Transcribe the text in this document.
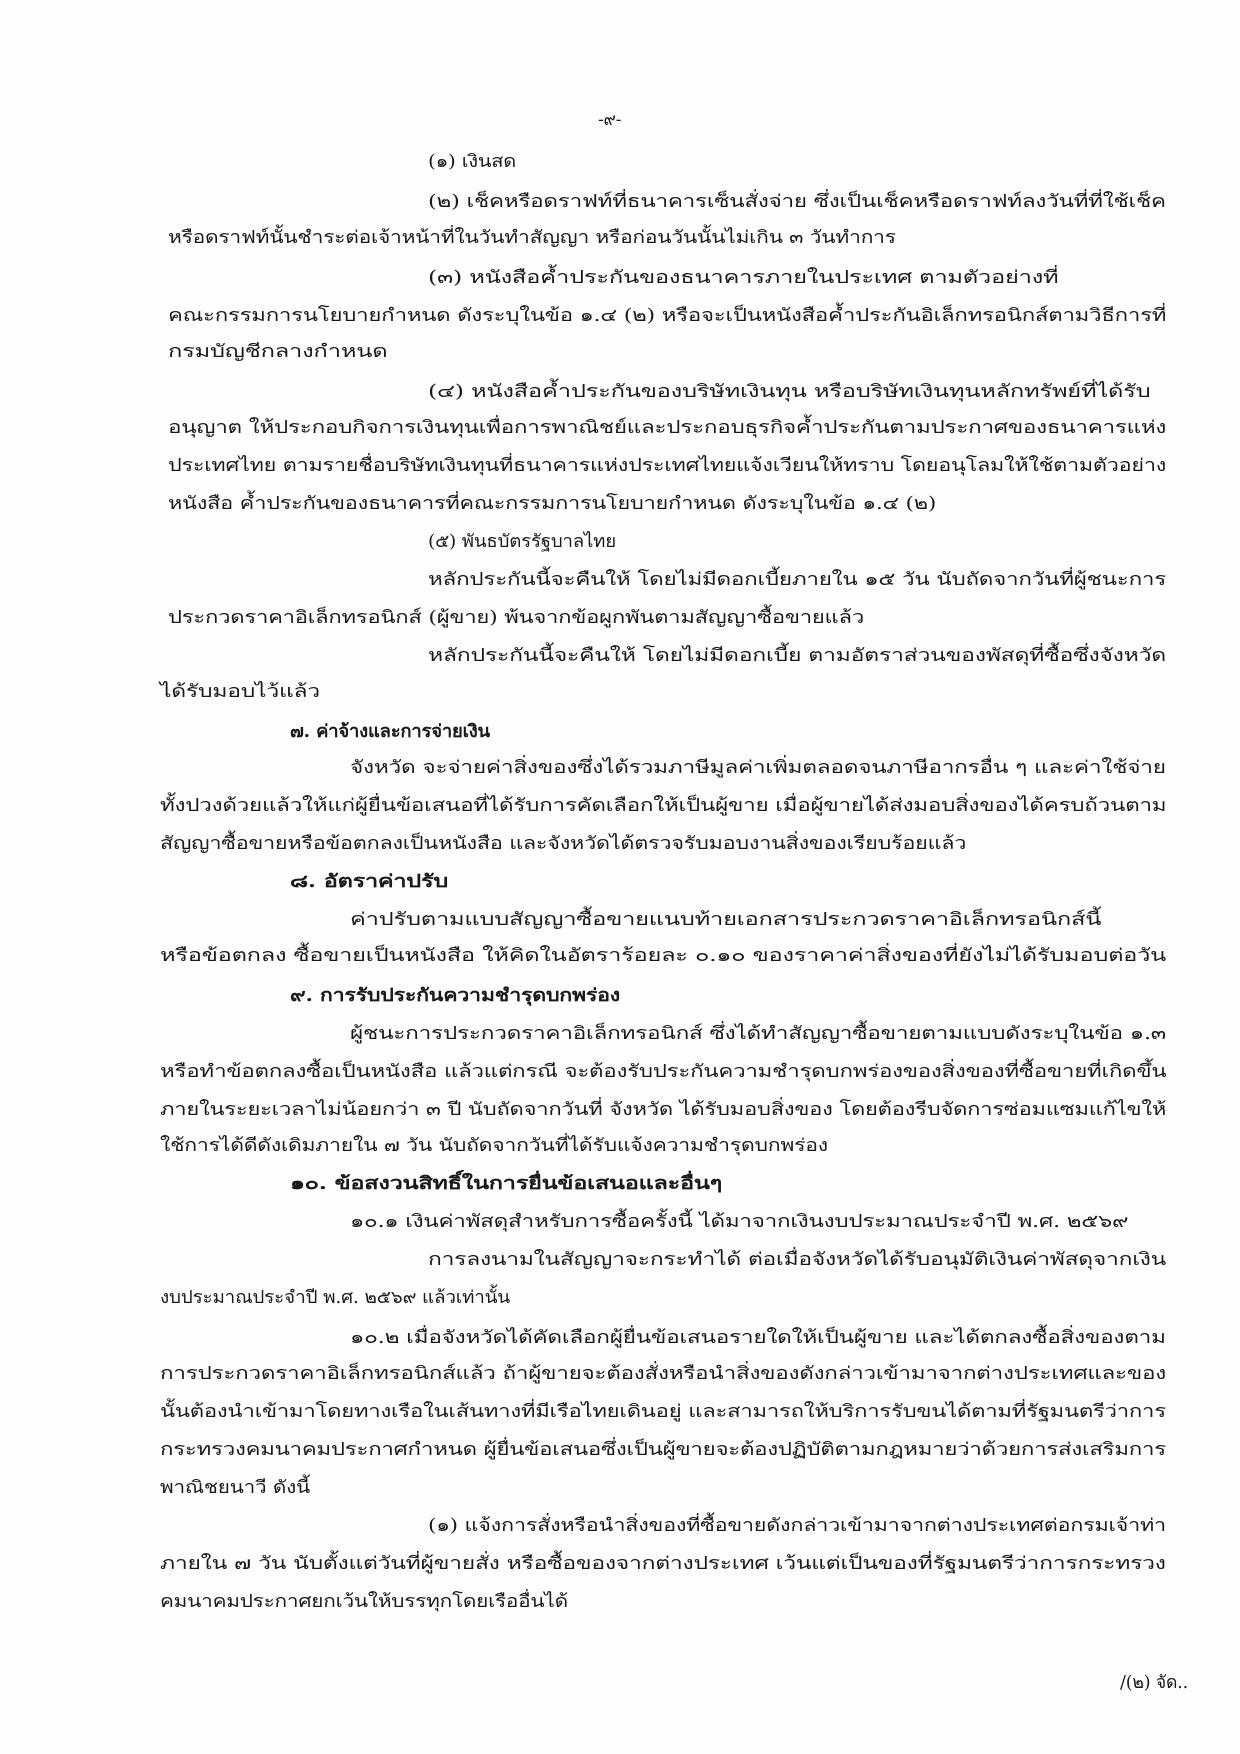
-๙-
(๑) เงินสด
(๒) เช็คหรือดราฟท์ที่ธนาคารเซ็นสั่งจ่าย ซึ่งเป็นเช็คหรือดราฟท์ลงวันที่ที่ใช้เช็ค
หรือดราฟท์นั้นชำระต่อเจ้าหน้าที่ในวันทำสัญญา หรือก่อนวันนั้นไม่เกิน ๓ วันทำการ
(๓) หนังสือค้ำประกันของธนาคารภายในประเทศ ตามตัวอย่างที่
คณะกรรมการนโยบายกำหนด ดังระบุในข้อ ๑.๔ (๒) หรือจะเป็นหนังสือค้ำประกันอิเล็กทรอนิกส์ตามวิธีการที่
กรมบัญชีกลางกำหนด
(๔) หนังสือค้ำประกันของบริษัทเงินทุน หรือบริษัทเงินทุนหลักทรัพย์ที่ได้รับ
อนุญาต ให้ประกอบกิจการเงินทุนเพื่อการพาณิชย์และประกอบธุรกิจค้ำประกันตามประกาศของธนาคารแห่ง
ประเทศไทย ตามรายชื่อบริษัทเงินทุนที่ธนาคารแห่งประเทศไทยแจ้งเวียนให้ทราบ โดยอนุโลมให้ใช้ตามตัวอย่าง
หนังสือ ค้ำประกันของธนาคารที่คณะกรรมการนโยบายกำหนด ดังระบุในข้อ ๑.๔ (๒)
(๕) พันธบัตรรัฐบาลไทย
หลักประกันนี้จะคืนให้ โดยไม่มีดอกเบี้ยภายใน ๑๕ วัน นับถัดจากวันที่ผู้ชนะการ
ประกวดราคาอิเล็กทรอนิกส์ (ผู้ขาย) พ้นจากข้อผูกพันตามสัญญาซื้อขายแล้ว
หลักประกันนี้จะคืนให้ โดยไม่มีดอกเบี้ย ตามอัตราส่วนของพัสดุที่ซื้อซึ่งจังหวัด
ได้รับมอบไว้แล้ว
๗. ค่าจ้างและการจ่ายเงิน
จังหวัด จะจ่ายค่าสิ่งของซึ่งได้รวมภาษีมูลค่าเพิ่มตลอดจนภาษีอากรอื่น ๆ และค่าใช้จ่าย
ทั้งปวงด้วยแล้วให้แก่ผู้ยื่นข้อเสนอที่ได้รับการคัดเลือกให้เป็นผู้ขาย เมื่อผู้ขายได้ส่งมอบสิ่งของได้ครบถ้วนตาม
สัญญาซื้อขายหรือข้อตกลงเป็นหนังสือ และจังหวัดได้ตรวจรับมอบงานสิ่งของเรียบร้อยแล้ว
๘. อัตราค่าปรับ
ค่าปรับตามแบบสัญญาซื้อขายแนบท้ายเอกสารประกวดราคาอิเล็กทรอนิกส์นี้
หรือข้อตกลง ซื้อขายเป็นหนังสือ ให้คิดในอัตราร้อยละ ๐.๑๐ ของราคาค่าสิ่งของที่ยังไม่ได้รับมอบต่อวัน
๙. การรับประกันความชำรุดบกพร่อง
ผู้ชนะการประกวดราคาอิเล็กทรอนิกส์ ซึ่งได้ทำสัญญาซื้อขายตามแบบดังระบุในข้อ ๑.๓
หรือทำข้อตกลงซื้อเป็นหนังสือ แล้วแต่กรณี จะต้องรับประกันความชำรุดบกพร่องของสิ่งของที่ซื้อขายที่เกิดขึ้น
ภายในระยะเวลาไม่น้อยกว่า ๓ ปี นับถัดจากวันที่ จังหวัด ได้รับมอบสิ่งของ โดยต้องรีบจัดการซ่อมแซมแก้ไขให้
ใช้การได้ดีดังเดิมภายใน ๗ วัน นับถัดจากวันที่ได้รับแจ้งความชำรุดบกพร่อง
๑๐. ข้อสงวนสิทธิ์ในการยื่นข้อเสนอและอื่นๆ
๑๐.๑ เงินค่าพัสดุสำหรับการซื้อครั้งนี้ ได้มาจากเงินงบประมาณประจำปี พ.ศ. ๒๕๖๙
การลงนามในสัญญาจะกระทำได้ ต่อเมื่อจังหวัดได้รับอนุมัติเงินค่าพัสดุจากเงิน
งบประมาณประจำปี พ.ศ. ๒๕๖๙ แล้วเท่านั้น
๑๐.๒ เมื่อจังหวัดได้คัดเลือกผู้ยื่นข้อเสนอรายใดให้เป็นผู้ขาย และได้ตกลงซื้อสิ่งของตาม
การประกวดราคาอิเล็กทรอนิกส์แล้ว ถ้าผู้ขายจะต้องสั่งหรือนำสิ่งของดังกล่าวเข้ามาจากต่างประเทศและของ
นั้นต้องนำเข้ามาโดยทางเรือในเส้นทางที่มีเรือไทยเดินอยู่ และสามารถให้บริการรับขนได้ตามที่รัฐมนตรีว่าการ
กระทรวงคมนาคมประกาศกำหนด ผู้ยื่นข้อเสนอซึ่งเป็นผู้ขายจะต้องปฏิบัติตามกฎหมายว่าด้วยการส่งเสริมการ
พาณิชยนาวี ดังนี้
(๑) แจ้งการสั่งหรือนำสิ่งของที่ซื้อขายดังกล่าวเข้ามาจากต่างประเทศต่อกรมเจ้าท่า
ภายใน ๗ วัน นับตั้งแต่วันที่ผู้ขายสั่ง หรือซื้อของจากต่างประเทศ เว้นแต่เป็นของที่รัฐมนตรีว่าการกระทรวง
คมนาคมประกาศยกเว้นให้บรรทุกโดยเรืออื่นได้
/(๒) จัด..
